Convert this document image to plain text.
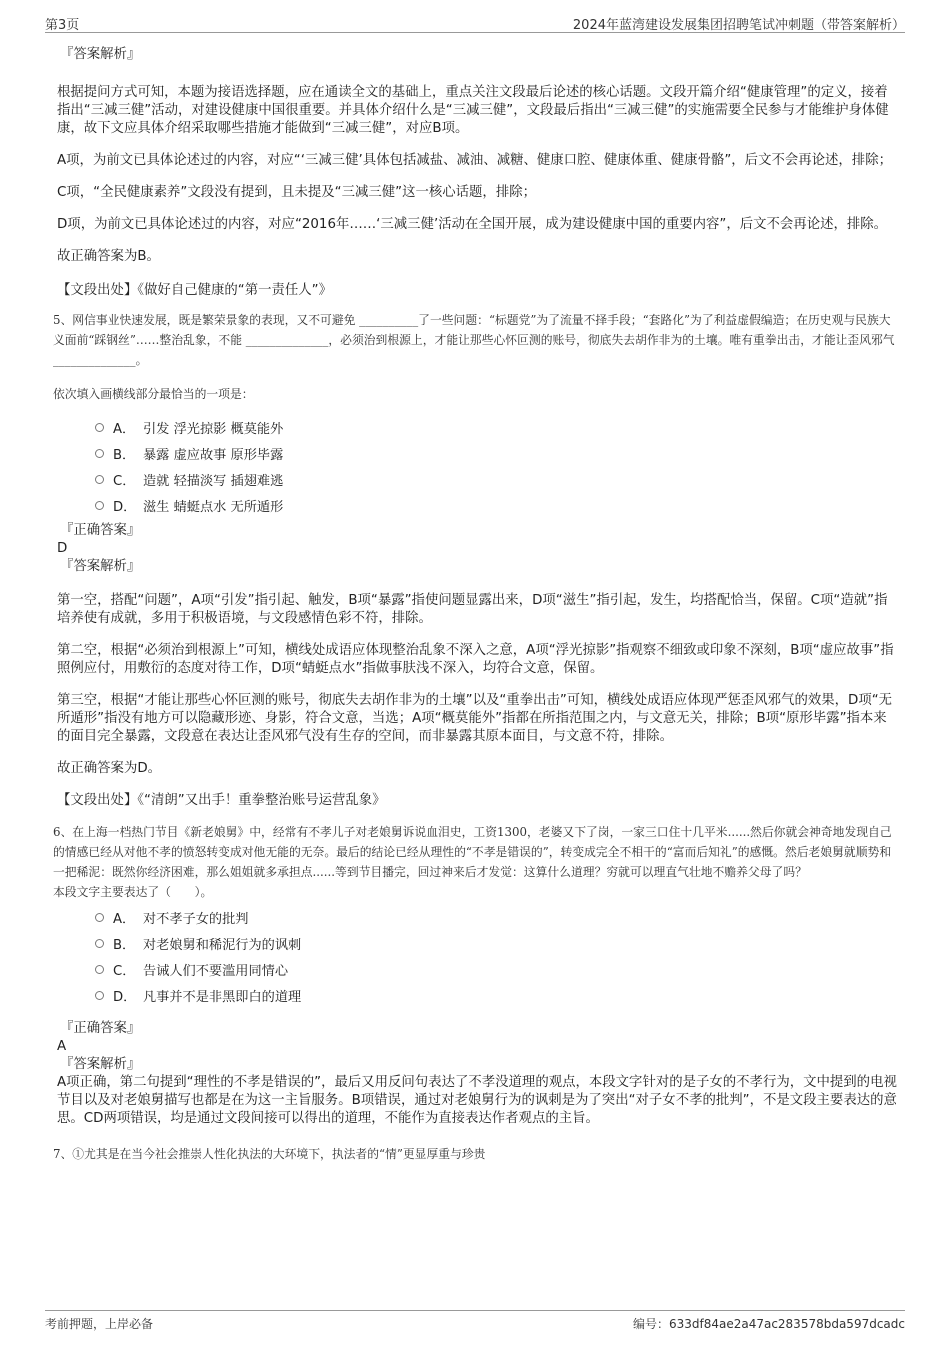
第3页	2024年蓝湾建设发展集团招聘笔试冲刺题（带答案解析）

『答案解析』

根据提问方式可知，本题为接语选择题，应在通读全文的基础上，重点关注文段最后论述的核心话题。文段开篇介绍“健康管理”的定义，接着指出“三减三健”活动，对建设健康中国很重要。并具体介绍什么是“三减三健”，文段最后指出“三减三健”的实施需要全民参与才能维护身体健康，故下文应具体介绍采取哪些措施才能做到“三减三健”，对应B项。

A项，为前文已具体论述过的内容，对应“‘三减三健’具体包括减盐、减油、减糖、健康口腔、健康体重、健康骨骼”，后文不会再论述，排除；

C项，“全民健康素养”文段没有提到，且未提及“三减三健”这一核心话题，排除；

D项，为前文已具体论述过的内容，对应“2016年……‘三减三健’活动在全国开展，成为建设健康中国的重要内容”，后文不会再论述，排除。

故正确答案为B。

【文段出处】《做好自己健康的“第一责任人”》

5、网信事业快速发展，既是繁荣景象的表现，又不可避免 __________了一些问题：“标题党”为了流量不择手段；“套路化”为了利益虚假编造；在历史观与民族大义面前“踩钢丝”……整治乱象，不能 ______________，必须治到根源上，才能让那些心怀叵测的账号，彻底失去胡作非为的土壤。唯有重拳出击，才能让歪风邪气 ______________。

依次填入画横线部分最恰当的一项是：

A． 引发 浮光掠影 概莫能外
B． 暴露 虚应故事 原形毕露
C． 造就 轻描淡写 插翅难逃
D． 滋生 蜻蜓点水 无所遁形

『正确答案』

D

『答案解析』

第一空，搭配“问题”，A项“引发”指引起、触发，B项“暴露”指使问题显露出来，D项“滋生”指引起，发生，均搭配恰当，保留。C项“造就”指培养使有成就，多用于积极语境，与文段感情色彩不符，排除。

第二空，根据“必须治到根源上”可知，横线处成语应体现整治乱象不深入之意，A项“浮光掠影”指观察不细致或印象不深刻，B项“虚应故事”指照例应付，用敷衍的态度对待工作，D项“蜻蜓点水”指做事肤浅不深入，均符合文意，保留。

第三空，根据“才能让那些心怀叵测的账号，彻底失去胡作非为的土壤”以及“重拳出击”可知，横线处成语应体现严惩歪风邪气的效果，D项“无所遁形”指没有地方可以隐藏形迹、身影，符合文意，当选；A项“概莫能外”指都在所指范围之内，与文意无关，排除；B项“原形毕露”指本来的面目完全暴露，文段意在表达让歪风邪气没有生存的空间，而非暴露其原本面目，与文意不符，排除。

故正确答案为D。

【文段出处】《“清朗”又出手！重拳整治账号运营乱象》

6、在上海一档热门节目《新老娘舅》中，经常有不孝儿子对老娘舅诉说血泪史，工资1300，老婆又下了岗，一家三口住十几平米......然后你就会神奇地发现自己的情感已经从对他不孝的愤怒转变成对他无能的无奈。最后的结论已经从理性的“不孝是错误的”，转变成完全不相干的“富而后知礼”的感慨。然后老娘舅就顺势和一把稀泥：既然你经济困难，那么姐姐就多承担点......等到节目播完，回过神来后才发觉：这算什么道理？穷就可以理直气壮地不赡养父母了吗？

本段文字主要表达了（　　）。

A． 对不孝子女的批判
B． 对老娘舅和稀泥行为的讽刺
C． 告诫人们不要滥用同情心
D． 凡事并不是非黑即白的道理

『正确答案』

A

『答案解析』

A项正确，第二句提到“理性的不孝是错误的”，最后又用反问句表达了不孝没道理的观点，本段文字针对的是子女的不孝行为，文中提到的电视节目以及对老娘舅描写也都是在为这一主旨服务。B项错误，通过对老娘舅行为的讽刺是为了突出“对子女不孝的批判”，不是文段主要表达的意思。CD两项错误，均是通过文段间接可以得出的道理，不能作为直接表达作者观点的主旨。

7、①尤其是在当今社会推崇人性化执法的大环境下，执法者的“情”更显厚重与珍贵

考前押题，上岸必备	编号：633df84ae2a47ac283578bda597dcadc
